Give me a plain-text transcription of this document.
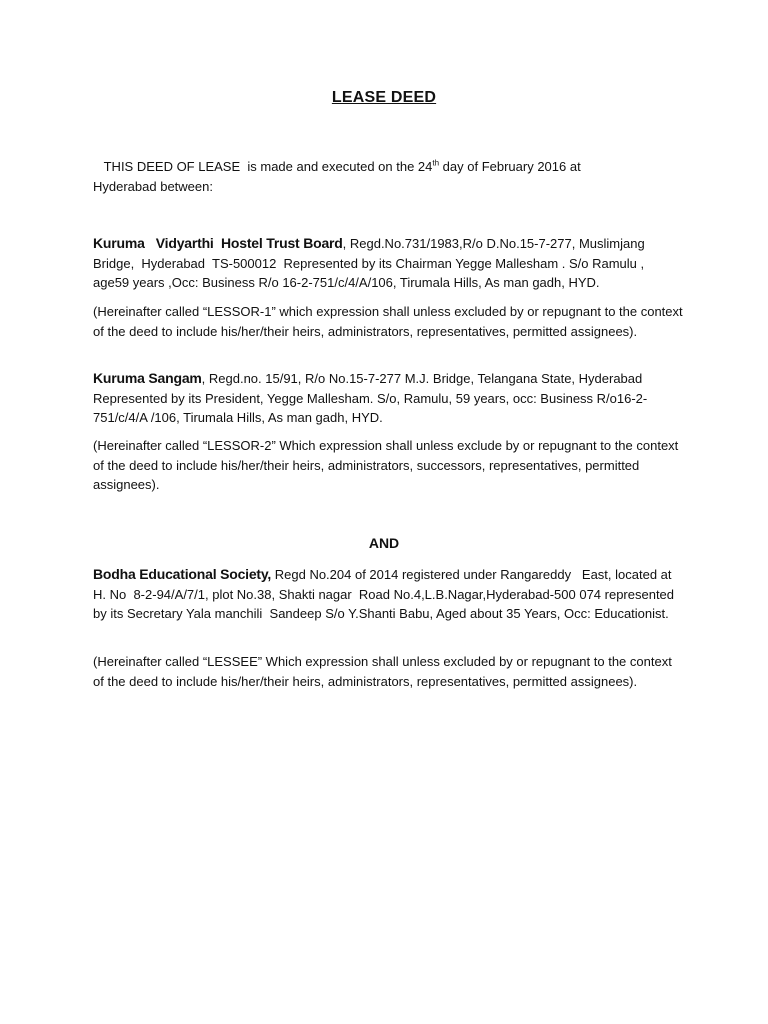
LEASE DEED
THIS DEED OF LEASE  is made and executed on the 24th day of February 2016 at
Hyderabad between:
Kuruma   Vidyarthi  Hostel Trust Board, Regd.No.731/1983,R/o D.No.15-7-277, Muslimjang Bridge,  Hyderabad  TS-500012  Represented by its Chairman Yegge Mallesham . S/o Ramulu , age59 years ,Occ: Business R/o 16-2-751/c/4/A/106, Tirumala Hills, As man gadh, HYD.
(Hereinafter called “LESSOR-1” which expression shall unless excluded by or repugnant to the context of the deed to include his/her/their heirs, administrators, representatives, permitted assignees).
Kuruma Sangam, Regd.no. 15/91, R/o No.15-7-277 M.J. Bridge, Telangana State, Hyderabad Represented by its President, Yegge Mallesham. S/o, Ramulu, 59 years, occ: Business R/o16-2-751/c/4/A /106, Tirumala Hills, As man gadh, HYD.
(Hereinafter called “LESSOR-2” Which expression shall unless exclude by or repugnant to the context of the deed to include his/her/their heirs, administrators, successors, representatives, permitted assignees).
AND
Bodha Educational Society, Regd No.204 of 2014 registered under Rangareddy   East, located at H. No  8-2-94/A/7/1, plot No.38, Shakti nagar  Road No.4,L.B.Nagar,Hyderabad-500 074 represented by its Secretary Yala manchili  Sandeep S/o Y.Shanti Babu, Aged about 35 Years, Occ: Educationist.
(Hereinafter called “LESSEE” Which expression shall unless excluded by or repugnant to the context of the deed to include his/her/their heirs, administrators, representatives, permitted assignees).
